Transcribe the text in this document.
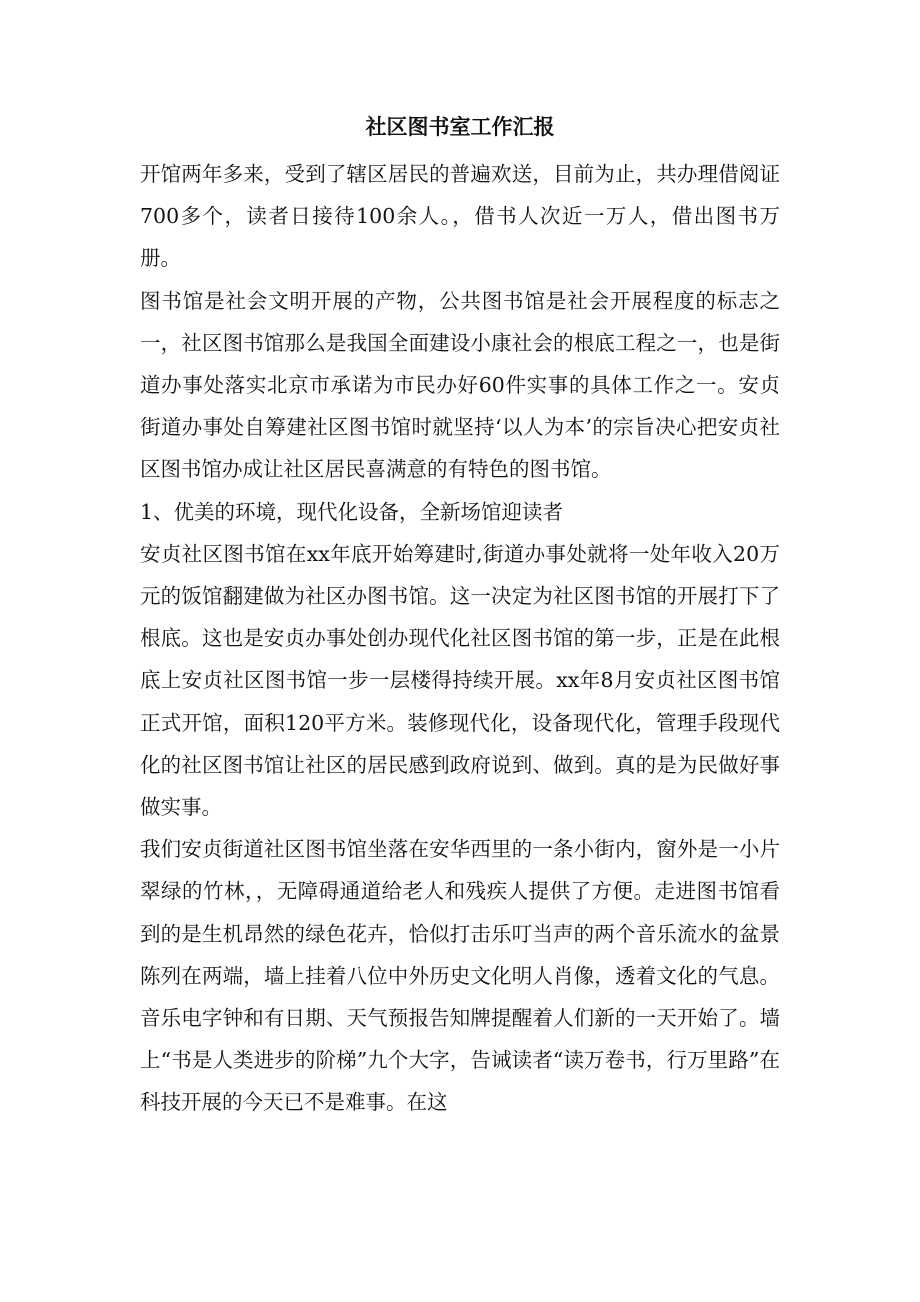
社区图书室工作汇报

开馆两年多来，受到了辖区居民的普遍欢送，目前为止，共办理借阅证700多个，读者日接待100余人。，借书人次近一万人，借出图书万册。

图书馆是社会文明开展的产物，公共图书馆是社会开展程度的标志之一，社区图书馆那么是我国全面建设小康社会的根底工程之一，也是街道办事处落实北京市承诺为市民办好60件实事的具体工作之一。安贞街道办事处自筹建社区图书馆时就坚持‘以人为本’的宗旨决心把安贞社区图书馆办成让社区居民喜满意的有特色的图书馆。

1、优美的环境，现代化设备，全新场馆迎读者

安贞社区图书馆在xx年底开始筹建时,街道办事处就将一处年收入20万元的饭馆翻建做为社区办图书馆。这一决定为社区图书馆的开展打下了根底。这也是安贞办事处创办现代化社区图书馆的第一步，正是在此根底上安贞社区图书馆一步一层楼得持续开展。xx年8月安贞社区图书馆正式开馆，面积120平方米。装修现代化，设备现代化，管理手段现代化的社区图书馆让社区的居民感到政府说到、做到。真的是为民做好事做实事。

我们安贞街道社区图书馆坐落在安华西里的一条小街内，窗外是一小片翠绿的竹林，，无障碍通道给老人和残疾人提供了方便。走进图书馆看到的是生机昂然的绿色花卉，恰似打击乐叮当声的两个音乐流水的盆景陈列在两端，墙上挂着八位中外历史文化明人肖像，透着文化的气息。音乐电字钟和有日期、天气预报告知牌提醒着人们新的一天开始了。墙上“书是人类进步的阶梯”九个大字，告诫读者“读万卷书，行万里路”在科技开展的今天已不是难事。在这
